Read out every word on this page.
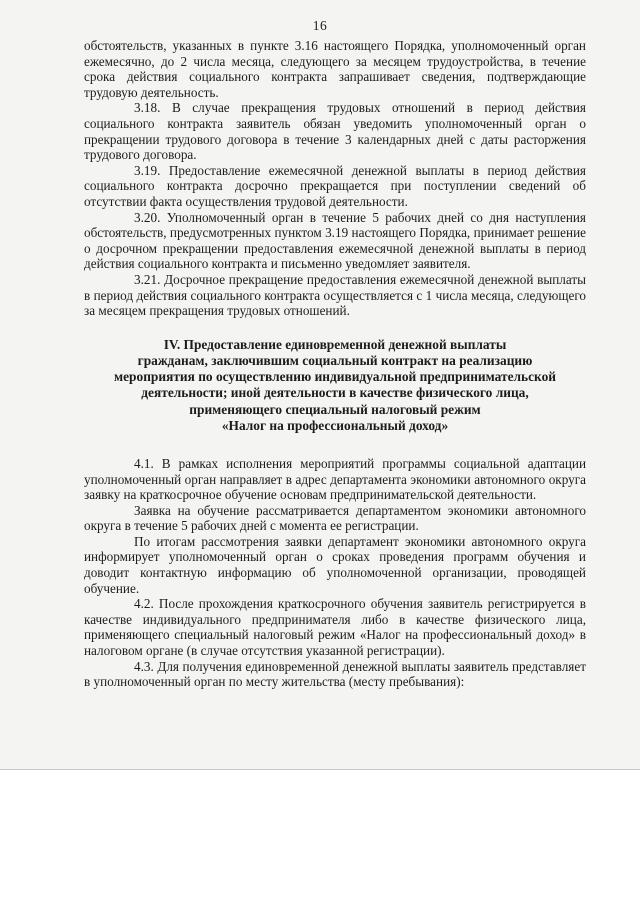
16

обстоятельств, указанных в пункте 3.16 настоящего Порядка, уполномоченный орган ежемесячно, до 2 числа месяца, следующего за месяцем трудоустройства, в течение срока действия социального контракта запрашивает сведения, подтверждающие трудовую деятельность.

3.18. В случае прекращения трудовых отношений в период действия социального контракта заявитель обязан уведомить уполномоченный орган о прекращении трудового договора в течение 3 календарных дней с даты расторжения трудового договора.

3.19. Предоставление ежемесячной денежной выплаты в период действия социального контракта досрочно прекращается при поступлении сведений об отсутствии факта осуществления трудовой деятельности.

3.20. Уполномоченный орган в течение 5 рабочих дней со дня наступления обстоятельств, предусмотренных пунктом 3.19 настоящего Порядка, принимает решение о досрочном прекращении предоставления ежемесячной денежной выплаты в период действия социального контракта и письменно уведомляет заявителя.

3.21. Досрочное прекращение предоставления ежемесячной денежной выплаты в период действия социального контракта осуществляется с 1 числа месяца, следующего за месяцем прекращения трудовых отношений.

IV. Предоставление единовременной денежной выплаты
гражданам, заключившим социальный контракт на реализацию
мероприятия по осуществлению индивидуальной предпринимательской
деятельности; иной деятельности в качестве физического лица,
применяющего специальный налоговый режим
«Налог на профессиональный доход»

4.1. В рамках исполнения мероприятий программы социальной адаптации уполномоченный орган направляет в адрес департамента экономики автономного округа заявку на краткосрочное обучение основам предпринимательской деятельности.

Заявка на обучение рассматривается департаментом экономики автономного округа в течение 5 рабочих дней с момента ее регистрации.

По итогам рассмотрения заявки департамент экономики автономного округа информирует уполномоченный орган о сроках проведения программ обучения и доводит контактную информацию об уполномоченной организации, проводящей обучение.

4.2. После прохождения краткосрочного обучения заявитель регистрируется в качестве индивидуального предпринимателя либо в качестве физического лица, применяющего специальный налоговый режим «Налог на профессиональный доход» в налоговом органе (в случае отсутствия указанной регистрации).

4.3. Для получения единовременной денежной выплаты заявитель представляет в уполномоченный орган по месту жительства (месту пребывания):
